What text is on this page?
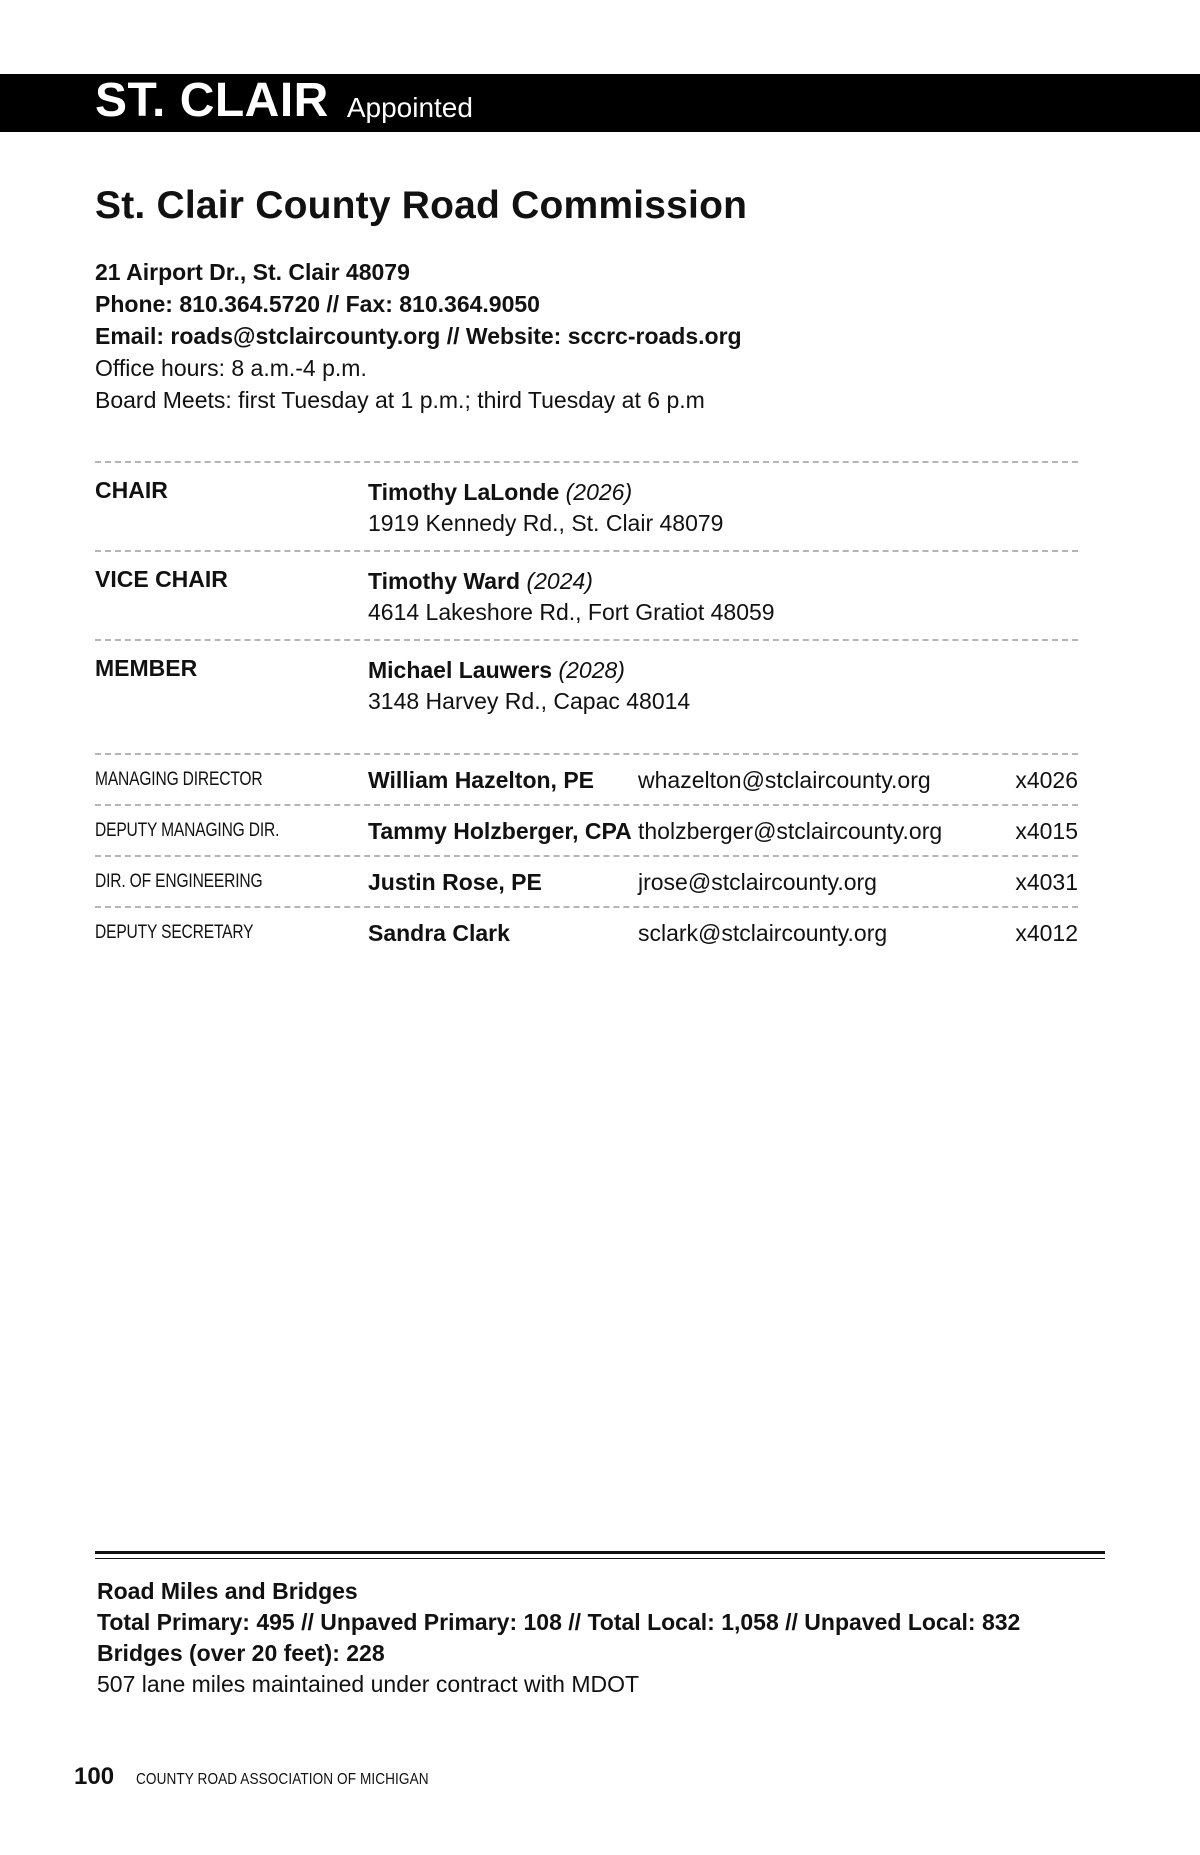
ST. CLAIR Appointed
St. Clair County Road Commission
21 Airport Dr., St. Clair 48079
Phone: 810.364.5720 // Fax: 810.364.9050
Email: roads@stclaircounty.org // Website: sccrc-roads.org
Office hours: 8 a.m.-4 p.m.
Board Meets: first Tuesday at 1 p.m.; third Tuesday at 6 p.m
CHAIR	Timothy LaLonde (2026)
1919 Kennedy Rd., St. Clair 48079
VICE CHAIR	Timothy Ward (2024)
4614 Lakeshore Rd., Fort Gratiot 48059
MEMBER	Michael Lauwers (2028)
3148 Harvey Rd., Capac 48014
MANAGING DIRECTOR	William Hazelton, PE whazelton@stclaircounty.org	x4026
DEPUTY MANAGING DIR.	Tammy Holzberger, CPA tholzberger@stclaircounty.org	x4015
DIR. OF ENGINEERING	Justin Rose, PE	jrose@stclaircounty.org	x4031
DEPUTY SECRETARY	Sandra Clark	sclark@stclaircounty.org	x4012
Road Miles and Bridges
Total Primary: 495 // Unpaved Primary: 108 // Total Local: 1,058 // Unpaved Local: 832
Bridges (over 20 feet): 228
507 lane miles maintained under contract with MDOT
100 COUNTY ROAD ASSOCIATION OF MICHIGAN
